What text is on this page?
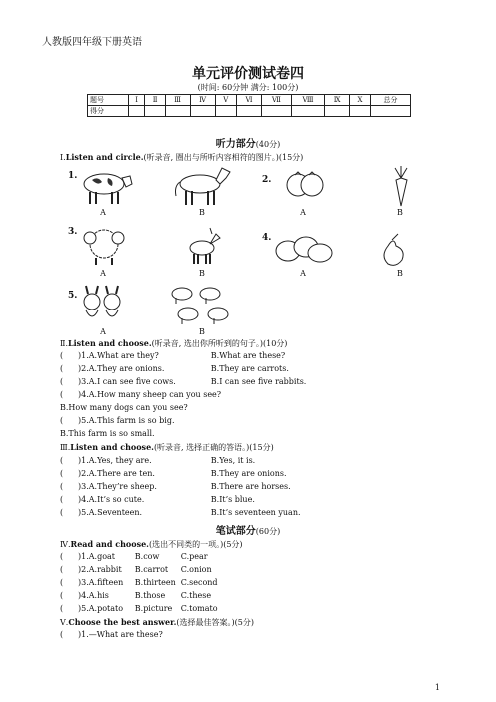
人教版四年级下册英语
单元评价测试卷四
(时间: 60分钟 满分: 100分)
题号	Ⅰ	Ⅱ	Ⅲ	Ⅳ	Ⅴ	Ⅵ	Ⅶ	Ⅷ	Ⅸ	Ⅹ	总分
得分											
听力部分(40分)
Ⅰ.Listen and circle.(听录音, 圈出与所听内容相符的图片。)(15分)
1.	2.
A	B	A	B
3.
4.
A	B	A	B
5.
A	B
Ⅱ.Listen and choose.(听录音, 选出你所听到的句子。)(10分)
( )1.A.What are they?	B.What are these?
( )2.A.They are onions.	B.They are carrots.
( )3.A.I can see five cows.	B.I can see five rabbits.
( )4.A.How many sheep can you see?
B.How many dogs can you see?
( )5.A.This farm is so big.
B.This farm is so small.
Ⅲ.Listen and choose.(听录音, 选择正确的答语。)(15分)
( )1.A.Yes, they are.	B.Yes, it is.
( )2.A.There are ten.	B.They are onions.
( )3.A.They’re sheep.	B.There are horses.
( )4.A.It’s so cute.	B.It’s blue.
( )5.A.Seventeen.	B.It’s seventeen yuan.
笔试部分(60分)
Ⅳ.Read and choose.(选出不同类的一项。)(5分)
( )1.A.goat B.cow	C.pear
( )2.A.rabbit B.carrot C.onion
( )3.A.fifteen B.thirteen C.second
( )4.A.his	B.those C.these
( )5.A.potato B.picture C.tomato
Ⅴ.Choose the best answer.(选择最佳答案。)(5分)
( )1.—What are these?
1
